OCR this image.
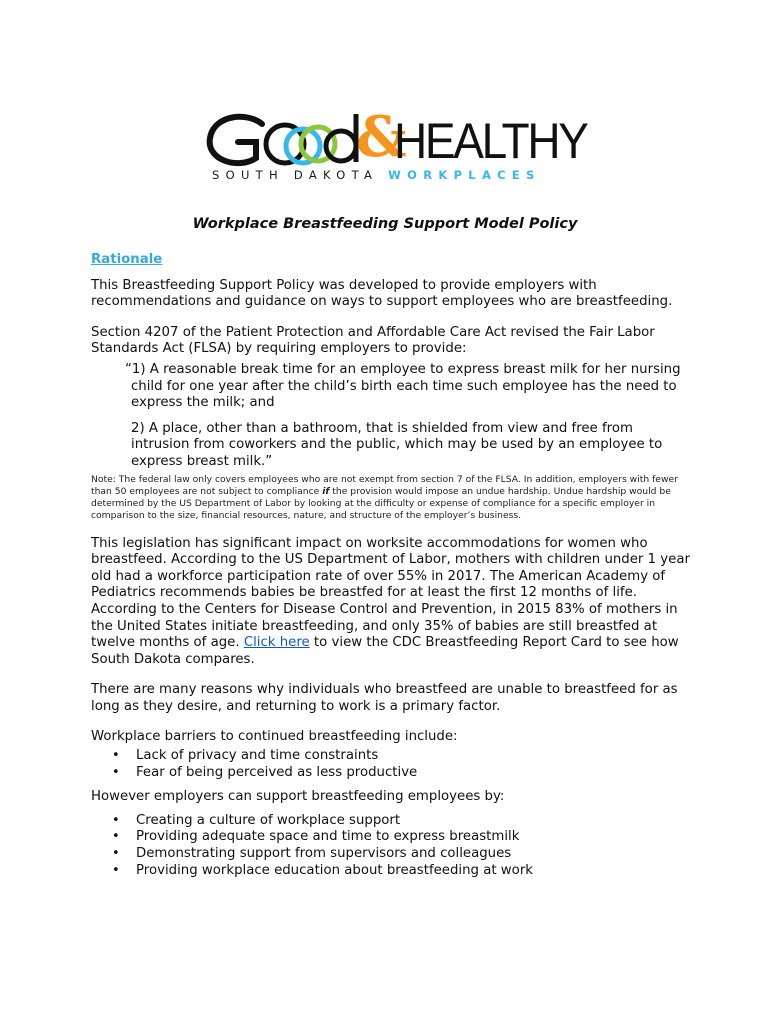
&
HEALTHY
SOUTH DAKOTA WORKPLACES
Workplace Breastfeeding Support Model Policy

Rationale

This Breastfeeding Support Policy was developed to provide employers with recommendations and guidance on ways to support employees who are breastfeeding.

Section 4207 of the Patient Protection and Affordable Care Act revised the Fair Labor Standards Act (FLSA) by requiring employers to provide:

“1) A reasonable break time for an employee to express breast milk for her nursing child for one year after the child’s birth each time such employee has the need to express the milk; and

2) A place, other than a bathroom, that is shielded from view and free from intrusion from coworkers and the public, which may be used by an employee to express breast milk.”

Note: The federal law only covers employees who are not exempt from section 7 of the FLSA. In addition, employers with fewer than 50 employees are not subject to compliance if the provision would impose an undue hardship. Undue hardship would be determined by the US Department of Labor by looking at the difficulty or expense of compliance for a specific employer in comparison to the size, financial resources, nature, and structure of the employer’s business.

This legislation has significant impact on worksite accommodations for women who breastfeed. According to the US Department of Labor, mothers with children under 1 year old had a workforce participation rate of over 55% in 2017. The American Academy of Pediatrics recommends babies be breastfed for at least the first 12 months of life. According to the Centers for Disease Control and Prevention, in 2015 83% of mothers in the United States initiate breastfeeding, and only 35% of babies are still breastfed at twelve months of age. Click here to view the CDC Breastfeeding Report Card to see how South Dakota compares.

There are many reasons why individuals who breastfeed are unable to breastfeed for as long as they desire, and returning to work is a primary factor.

Workplace barriers to continued breastfeeding include:

• Lack of privacy and time constraints
• Fear of being perceived as less productive

However employers can support breastfeeding employees by:

• Creating a culture of workplace support
• Providing adequate space and time to express breastmilk
• Demonstrating support from supervisors and colleagues
• Providing workplace education about breastfeeding at work
